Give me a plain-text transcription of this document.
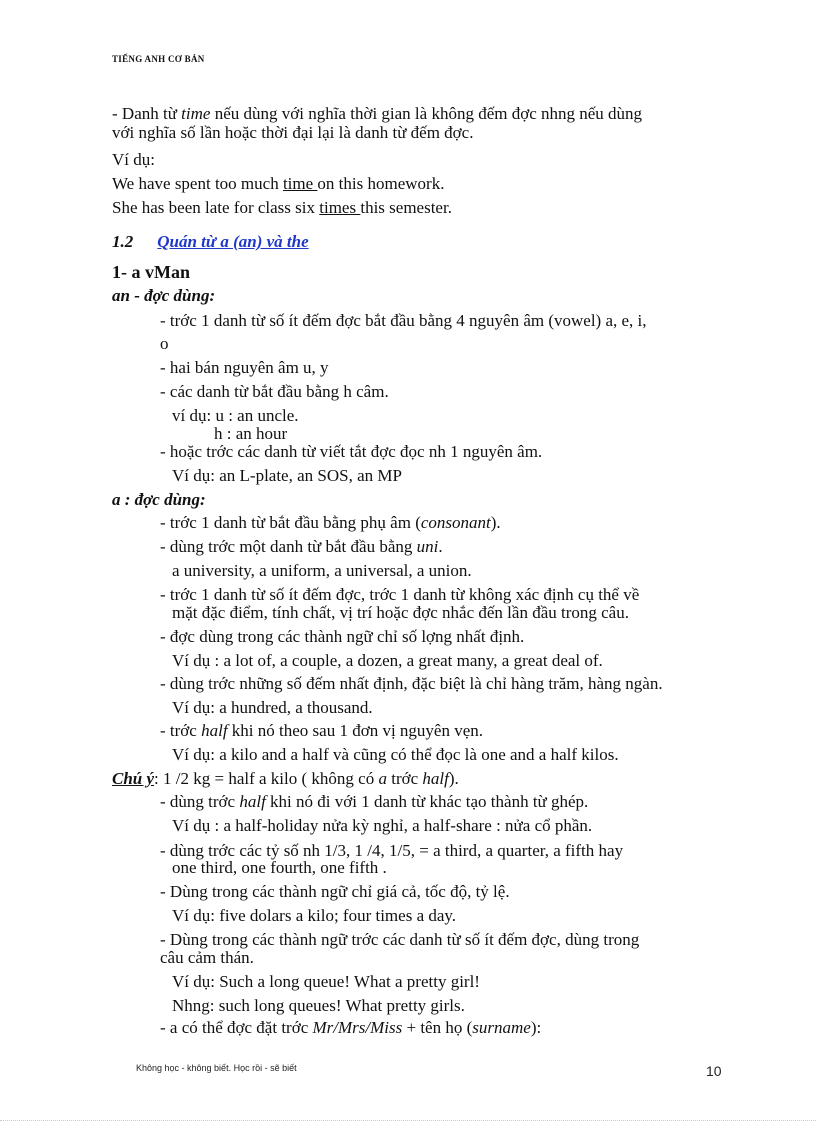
TIẾNG ANH CƠ BẢN
- Danh từ time nếu dùng với nghĩa thời gian là không đếm đợc nhng nếu dùng
với nghĩa số lần hoặc thời đại lại là danh từ đếm đợc.
Ví dụ:
We have spent too much time on this homework.
She has been late for class six times this semester.
1.2 Quán từ a (an) và the
1- a vMan
an - đợc dùng:
- trớc 1 danh từ số ít đếm đợc bắt đầu bằng 4 nguyên âm (vowel) a, e, i,
o
- hai bán nguyên âm u, y
- các danh từ bắt đầu bằng h câm.
ví dụ: u : an uncle.
h : an hour
- hoặc trớc các danh từ viết tắt đợc đọc nh 1 nguyên âm.
Ví dụ: an L-plate, an SOS, an MP
a : đợc dùng:
- trớc 1 danh từ bắt đầu bằng phụ âm (consonant).
- dùng trớc một danh từ bắt đầu bằng uni.
a university, a uniform, a universal, a union.
- trớc 1 danh từ số ít đếm đợc, trớc 1 danh từ không xác định cụ thể về
mặt đặc điểm, tính chất, vị trí hoặc đợc nhắc đến lần đầu trong câu.
- đợc dùng trong các thành ngữ chỉ số lợng nhất định.
Ví dụ : a lot of, a couple, a dozen, a great many, a great deal of.
- dùng trớc những số đếm nhất định, đặc biệt là chỉ hàng trăm, hàng ngàn.
Ví dụ: a hundred, a thousand.
- trớc half khi nó theo sau 1 đơn vị nguyên vẹn.
Ví dụ: a kilo and a half và cũng có thể đọc là one and a half kilos.
Chú ý: 1 /2 kg = half a kilo ( không có a trớc half).
- dùng trớc half khi nó đi với 1 danh từ khác tạo thành từ ghép.
Ví dụ : a half-holiday nửa kỳ nghỉ, a half-share : nửa cổ phần.
- dùng trớc các tỷ số nh 1/3, 1 /4, 1/5, = a third, a quarter, a fifth hay
one third, one fourth, one fifth .
- Dùng trong các thành ngữ chỉ giá cả, tốc độ, tỷ lệ.
Ví dụ: five dolars a kilo; four times a day.
- Dùng trong các thành ngữ trớc các danh từ số ít đếm đợc, dùng trong
câu cảm thán.
Ví dụ: Such a long queue! What a pretty girl!
Nhng: such long queues! What pretty girls.
- a có thể đợc đặt trớc Mr/Mrs/Miss + tên họ (surname):
Không học - không biết. Học rồi - sẽ biết	10
